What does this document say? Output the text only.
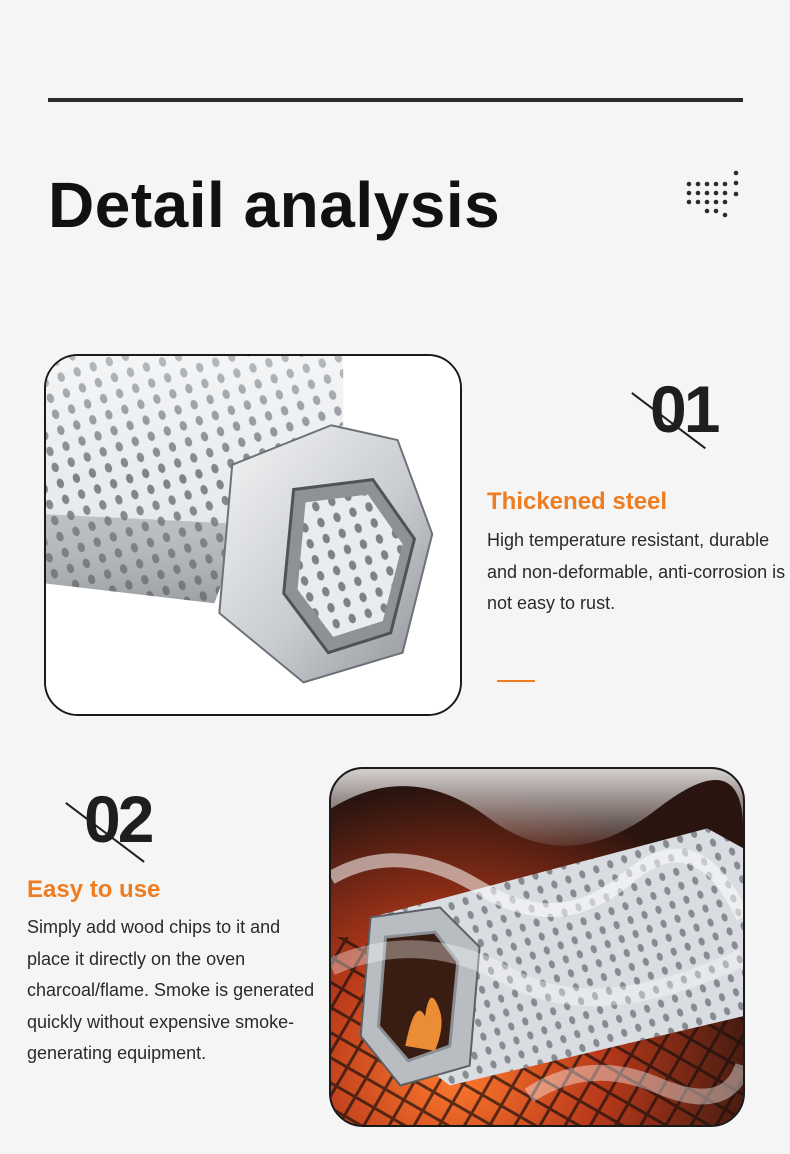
Detail analysis
01
Thickened steel

High temperature resistant, durable and non-deformable, anti-corrosion is not easy to rust.

02
Easy to use

Simply add wood chips to it and place it directly on the oven charcoal/flame. Smoke is generated quickly without expensive smoke-generating equipment.
